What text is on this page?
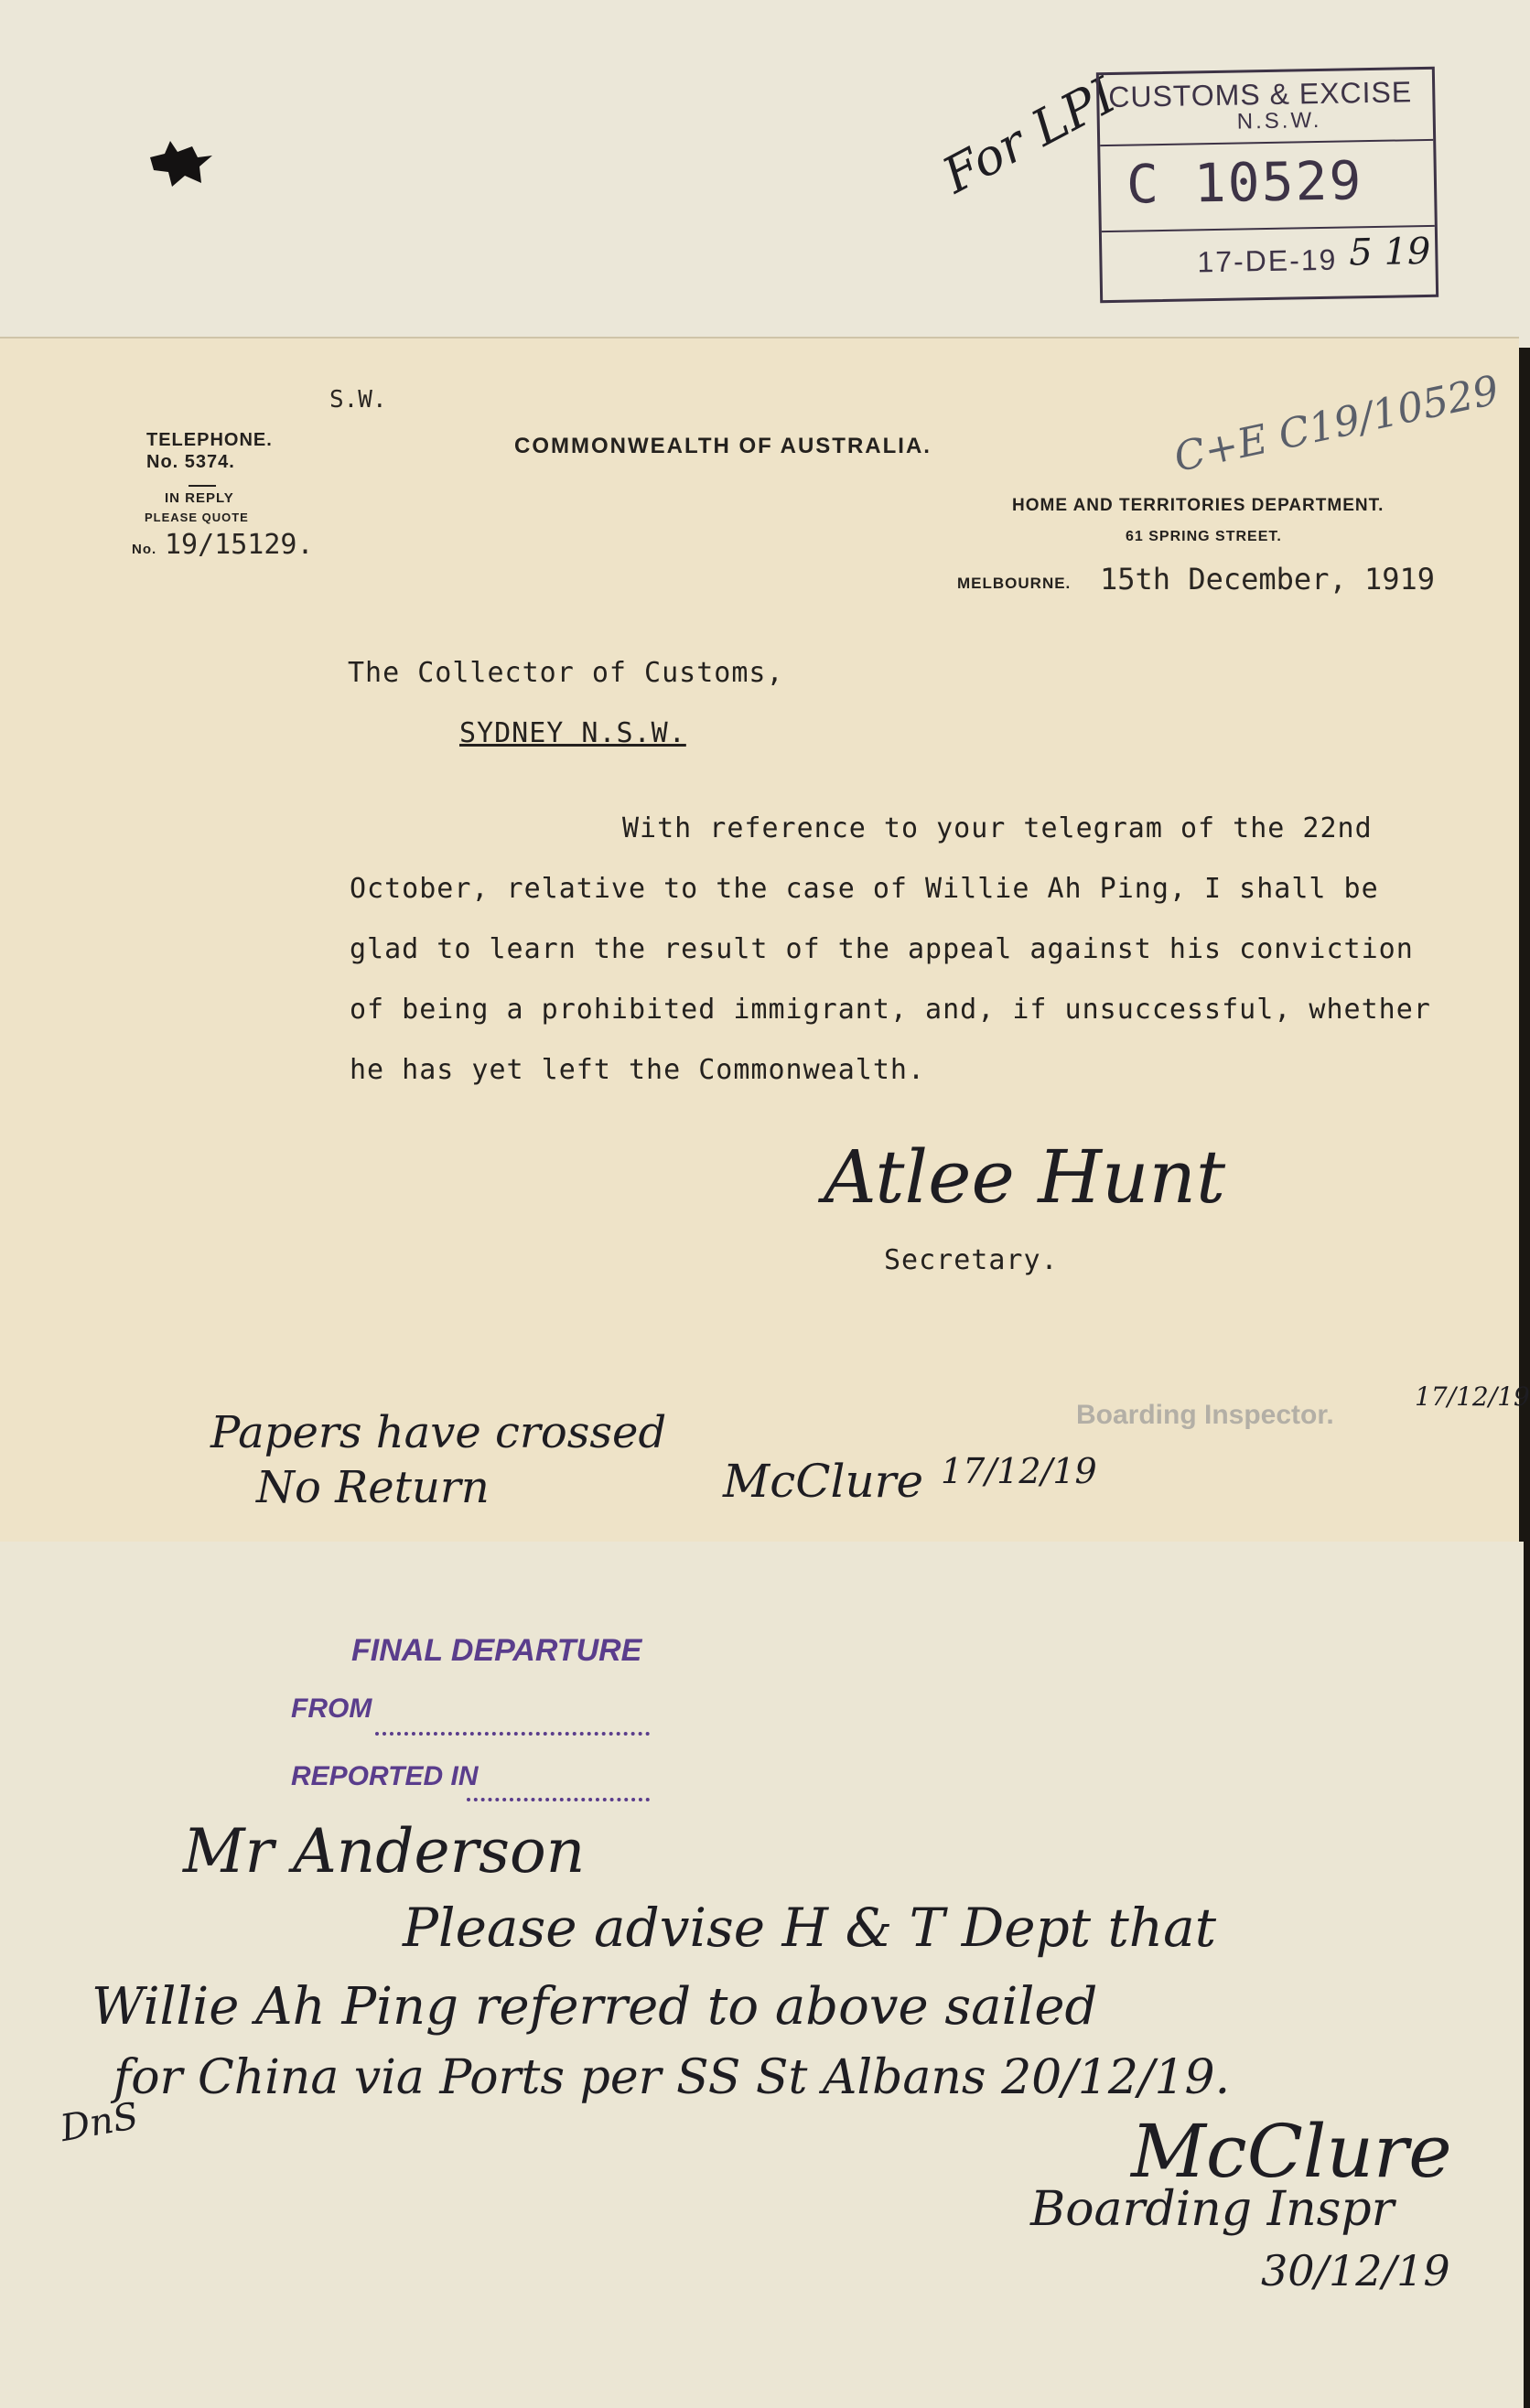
For LPI
CUSTOMS & EXCISE
N.S.W.
C 10529
17-DE-19 5 19
C+E C19/10529
S.W.
TELEPHONE.
No. 5374.
IN REPLY
PLEASE QUOTE
No. 19/15129.
COMMONWEALTH OF AUSTRALIA.
HOME AND TERRITORIES DEPARTMENT.
61 SPRING STREET.
MELBOURNE. 15th December, 1919
The Collector of Customs,
SYDNEY N.S.W.
With reference to your telegram of the 22nd
October, relative to the case of Willie Ah Ping, I shall be
glad to learn the result of the appeal against his conviction
of being a prohibited immigrant, and, if unsuccessful, whether
he has yet left the Commonwealth.
Atlee Hunt
Secretary.
Boarding Inspector.
17/12/19
Papers have crossed
No Return	McClure 17/12/19
FINAL DEPARTURE
FROM
REPORTED IN
Mr Anderson
Please advise H & T Dept that
Willie Ah Ping referred to above sailed
for China via Ports per SS St Albans 20/12/19.
DnS	McClure
Boarding Inspr
30/12/19
